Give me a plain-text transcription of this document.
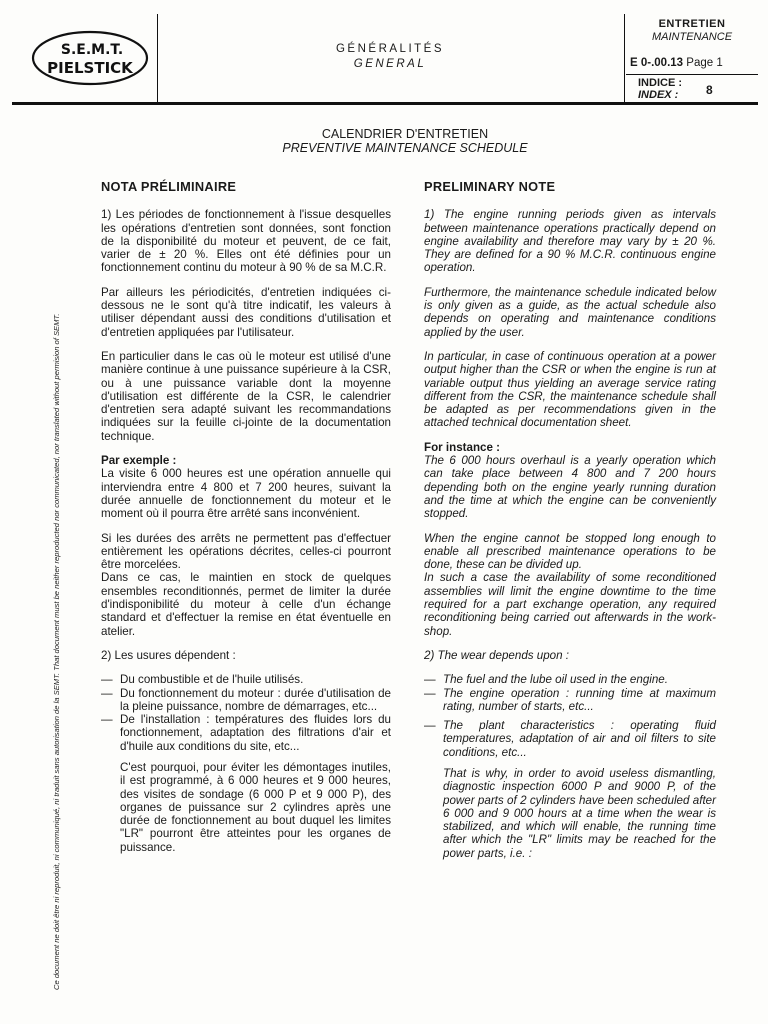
S.E.M.T.
PIELSTICK
GÉNÉRALITÉS
GENERAL
ENTRETIEN
MAINTENANCE
E 0-.00.13 Page 1
INDICE :
INDEX :	8
Ce document ne doit être ni reproduit, ni communiqué, ni traduit sans autorisation de la SEMT. That document must be neither reproducted nor communicated, nor translated without permision of SEMT.
CALENDRIER D'ENTRETIEN
PREVENTIVE MAINTENANCE SCHEDULE
NOTA PRÉLIMINAIRE

1) Les périodes de fonctionnement à l'issue desquelles les opérations d'entretien sont données, sont fonction de la disponibilité du moteur et peuvent, de ce fait, varier de ± 20 %. Elles ont été définies pour un fonctionnement continu du moteur à 90 % de sa M.C.R.

Par ailleurs les périodicités, d'entretien indiquées ci-dessous ne le sont qu'à titre indicatif, les valeurs à utiliser dépendant aussi des conditions d'utilisation et d'entretien appliquées par l'utilisateur.

En particulier dans le cas où le moteur est utilisé d'une manière continue à une puissance supérieure à la CSR, ou à une puissance variable dont la moyenne d'utilisation est différente de la CSR, le calendrier d'entretien sera adapté suivant les recommandations indiquées sur la feuille ci-jointe de la documentation technique.

Par exemple :

La visite 6 000 heures est une opération annuelle qui interviendra entre 4 800 et 7 200 heures, suivant la durée annuelle de fonctionnement du moteur et le moment où il pourra être arrêté sans inconvénient.

Si les durées des arrêts ne permettent pas d'effectuer entièrement les opérations décrites, celles-ci pourront être morcelées.

Dans ce cas, le maintien en stock de quelques ensembles reconditionnés, permet de limiter la durée d'indisponibilité du moteur à celle d'un échange standard et d'effectuer la remise en état éventuelle en atelier.

2) Les usures dépendent :

— Du combustible et de l'huile utilisés.
— Du fonctionnement du moteur : durée d'utilisation de la pleine puissance, nombre de démarrages, etc...
— De l'installation : températures des fluides lors du fonctionnement, adaptation des filtrations d'air et d'huile aux conditions du site, etc...

C'est pourquoi, pour éviter les démontages inutiles, il est programmé, à 6 000 heures et 9 000 heures, des visites de sondage (6 000 P et 9 000 P), des organes de puissance sur 2 cylindres après une durée de fonctionnement au bout duquel les limites "LR" pourront être atteintes pour les organes de puissance.

PRELIMINARY NOTE

1) The engine running periods given as intervals between maintenance operations practically depend on engine availability and therefore may vary by ± 20 %. They are defined for a 90 % M.C.R. continuous engine operation.

Furthermore, the maintenance schedule indicated below is only given as a guide, as the actual schedule also depends on operating and maintenance conditions applied by the user.

In particular, in case of continuous operation at a power output higher than the CSR or when the engine is run at variable output thus yielding an average service rating different from the CSR, the maintenance schedule shall be adapted as per recommendations given in the attached technical documentation sheet.

For instance :

The 6 000 hours overhaul is a yearly operation which can take place between 4 800 and 7 200 hours depending both on the engine yearly running duration and the time at which the engine can be conveniently stopped.

When the engine cannot be stopped long enough to enable all prescribed maintenance operations to be done, these can be divided up.

In such a case the availability of some reconditioned assemblies will limit the engine downtime to the time required for a part exchange operation, any required reconditioning being carried out afterwards in the work-shop.

2) The wear depends upon :

— The fuel and the lube oil used in the engine.
— The engine operation : running time at maximum rating, number of starts, etc...
— The plant characteristics : operating fluid temperatures, adaptation of air and oil filters to site conditions, etc...

That is why, in order to avoid useless dismantling, diagnostic inspection 6000 P and 9000 P, of the power parts of 2 cylinders have been scheduled after 6 000 and 9 000 hours at a time when the wear is stabilized, and which will enable, the running time after which the "LR" limits may be reached for the power parts, i.e. :
